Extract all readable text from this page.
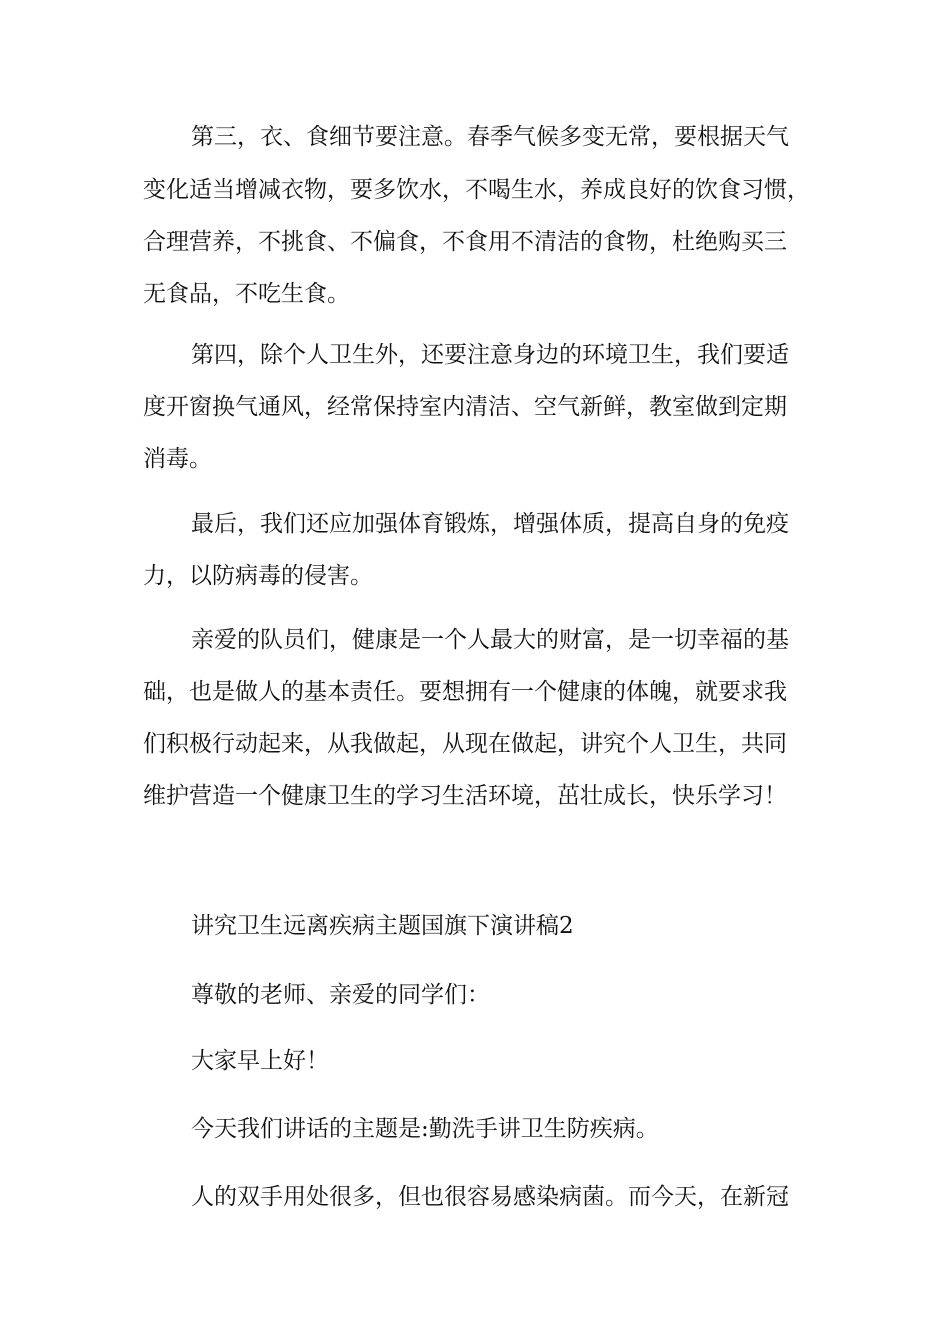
第三，衣、食细节要注意。春季气候多变无常，要根据天气
变化适当增减衣物，要多饮水，不喝生水，养成良好的饮食习惯，
合理营养，不挑食、不偏食，不食用不清洁的食物，杜绝购买三
无食品，不吃生食。
第四，除个人卫生外，还要注意身边的环境卫生，我们要适
度开窗换气通风，经常保持室内清洁、空气新鲜，教室做到定期
消毒。
最后，我们还应加强体育锻炼，增强体质，提高自身的免疫
力，以防病毒的侵害。
亲爱的队员们，健康是一个人最大的财富，是一切幸福的基
础，也是做人的基本责任。要想拥有一个健康的体魄，就要求我
们积极行动起来，从我做起，从现在做起，讲究个人卫生，共同
维护营造一个健康卫生的学习生活环境，茁壮成长，快乐学习！
讲究卫生远离疾病主题国旗下演讲稿2
尊敬的老师、亲爱的同学们：
大家早上好！
今天我们讲话的主题是:勤洗手讲卫生防疾病。
人的双手用处很多，但也很容易感染病菌。而今天，在新冠
